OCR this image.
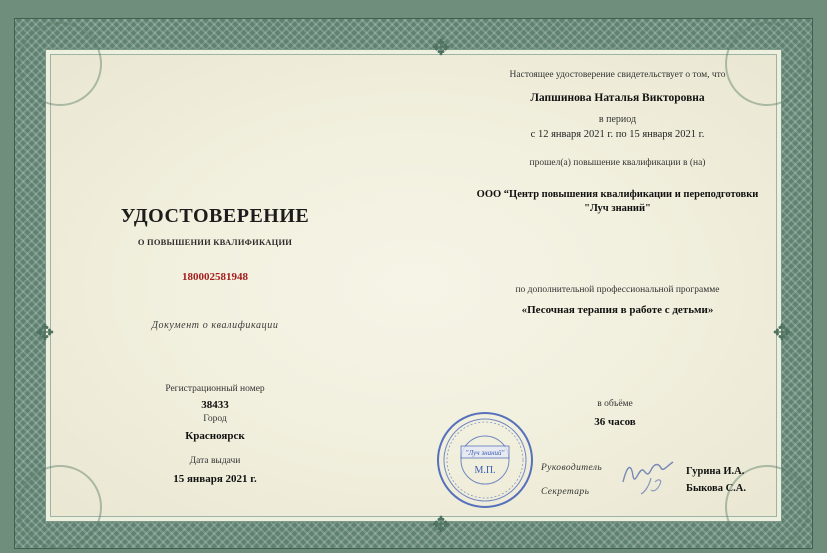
✥	✥
✥
✥
УДОСТОВЕРЕНИЕ
О ПОВЫШЕНИИ КВАЛИФИКАЦИИ
180002581948
Документ о квалификации
Регистрационный номер
38433
Город
Красноярск
Дата выдачи
15 января 2021 г.
Настоящее удостоверение свидетельствует о том, что
Лапшинова Наталья Викторовна
в период
с 12 января 2021 г. по 15 января 2021 г.
прошел(а) повышение квалификации в (на)
ООО “Центр повышения квалификации и переподготовки
"Луч знаний"
по дополнительной профессиональной программе
«Песочная терапия в работе с детьми»
в объёме
36 часов
Руководитель
Секретарь
Гурина И.А.
Быкова С.А.
"Луч знаний"
М.П.
